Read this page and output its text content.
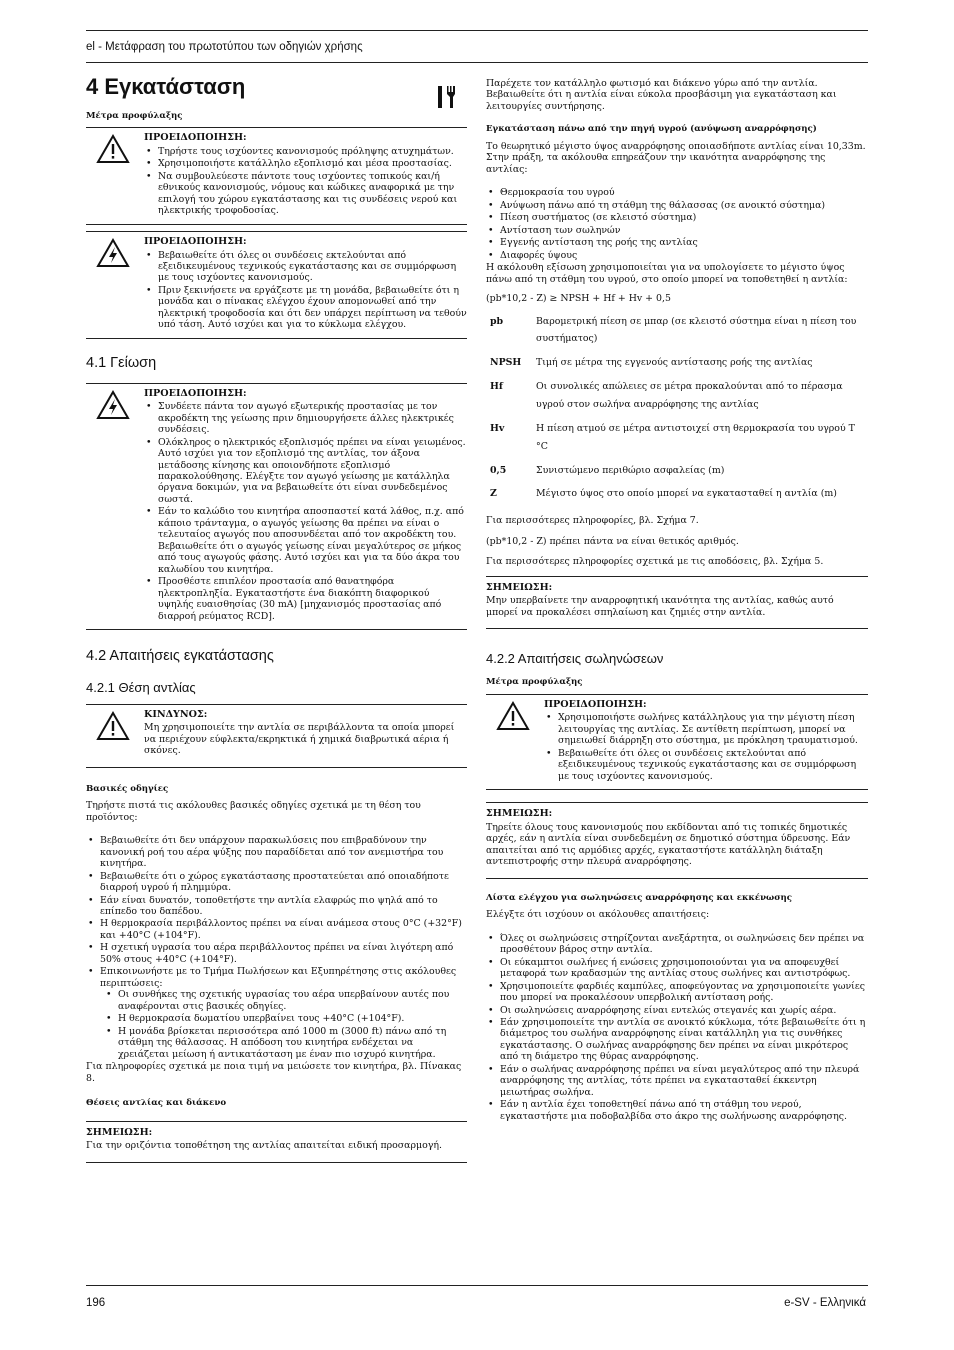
el - Μετάφραση του πρωτοτύπου των οδηγιών χρήσης
4 Εγκατάσταση
Μέτρα προφύλαξης
ΠΡΟΕΙΔΟΠΟΙΗΣΗ:
• Τηρήστε τους ισχύοντες κανονισμούς πρόληψης ατυχημάτων.
• Χρησιμοποιήστε κατάλληλο εξοπλισμό και μέσα προστασίας.
• Να συμβουλεύεστε πάντοτε τους ισχύοντες τοπικούς και/ή εθνικούς κανονισμούς, νόμους και κώδικες αναφορικά με την επιλογή του χώρου εγκατάστασης και τις συνδέσεις νερού και ηλεκτρικής τροφοδοσίας.
ΠΡΟΕΙΔΟΠΟΙΗΣΗ:
• Βεβαιωθείτε ότι όλες οι συνδέσεις εκτελούνται από εξειδικευμένους τεχνικούς εγκατάστασης και σε συμμόρφωση με τους ισχύοντες κανονισμούς.
• Πριν ξεκινήσετε να εργάζεστε με τη μονάδα, βεβαιωθείτε ότι η μονάδα και ο πίνακας ελέγχου έχουν απομονωθεί από την ηλεκτρική τροφοδοσία και ότι δεν υπάρχει περίπτωση να τεθούν υπό τάση. Αυτό ισχύει και για το κύκλωμα ελέγχου.
4.1 Γείωση
ΠΡΟΕΙΔΟΠΟΙΗΣΗ:
• Συνδέετε πάντα τον αγωγό εξωτερικής προστασίας με τον ακροδέκτη της γείωσης πριν δημιουργήσετε άλλες ηλεκτρικές συνδέσεις.
• Ολόκληρος ο ηλεκτρικός εξοπλισμός πρέπει να είναι γειωμένος. Αυτό ισχύει για τον εξοπλισμό της αντλίας, τον άξονα μετάδοσης κίνησης και οποιονδήποτε εξοπλισμό παρακολούθησης. Ελέγξτε τον αγωγό γείωσης με κατάλληλα όργανα δοκιμών, για να βεβαιωθείτε ότι είναι συνδεδεμένος σωστά.
• Εάν το καλώδιο του κινητήρα αποσπαστεί κατά λάθος, π.χ. από κάποιο τράνταγμα, ο αγωγός γείωσης θα πρέπει να είναι ο τελευταίος αγωγός που αποσυνδέεται από τον ακροδέκτη του. Βεβαιωθείτε ότι ο αγωγός γείωσης είναι μεγαλύτερος σε μήκος από τους αγωγούς φάσης. Αυτό ισχύει και για τα δύο άκρα του καλωδίου του κινητήρα.
• Προσθέστε επιπλέον προστασία από θανατηφόρα ηλεκτροπληξία. Εγκαταστήστε ένα διακόπτη διαφορικού υψηλής ευαισθησίας (30 mA) [μηχανισμός προστασίας από διαρροή ρεύματος RCD].
4.2 Απαιτήσεις εγκατάστασης
4.2.1 Θέση αντλίας
ΚΙΝΔΥΝΟΣ:

Μη χρησιμοποιείτε την αντλία σε περιβάλλοντα τα οποία μπορεί να περιέχουν εύφλεκτα/εκρηκτικά ή χημικά διαβρωτικά αέρια ή σκόνες.

Βασικές οδηγίες

Τηρήστε πιστά τις ακόλουθες βασικές οδηγίες σχετικά με τη θέση του προϊόντος:

• Βεβαιωθείτε ότι δεν υπάρχουν παρακωλύσεις που επιβραδύνουν την κανονική ροή του αέρα ψύξης που παραδίδεται από τον ανεμιστήρα του κινητήρα.
• Βεβαιωθείτε ότι ο χώρος εγκατάστασης προστατεύεται από οποιαδήποτε διαρροή υγρού ή πλημμύρα.
• Εάν είναι δυνατόν, τοποθετήστε την αντλία ελαφρώς πιο ψηλά από το επίπεδο του δαπέδου.
• Η θερμοκρασία περιβάλλοντος πρέπει να είναι ανάμεσα στους 0°C (+32°F) και +40°C (+104°F).
• Η σχετική υγρασία του αέρα περιβάλλοντος πρέπει να είναι λιγότερη από 50% στους +40°C (+104°F).
• Επικοινωνήστε με το Τμήμα Πωλήσεων και Εξυπηρέτησης στις ακόλουθες περιπτώσεις:
• Οι συνθήκες της σχετικής υγρασίας του αέρα υπερβαίνουν αυτές που αναφέρονται στις βασικές οδηγίες.
• Η θερμοκρασία δωματίου υπερβαίνει τους +40°C (+104°F).
• Η μονάδα βρίσκεται περισσότερα από 1000 m (3000 ft) πάνω από τη στάθμη της θάλασσας. Η απόδοση του κινητήρα ενδέχεται να χρειάζεται μείωση ή αντικατάσταση με έναν πιο ισχυρό κινητήρα.

Για πληροφορίες σχετικά με ποια τιμή να μειώσετε τον κινητήρα, βλ. Πίνακας 8.

Θέσεις αντλίας και διάκενο
ΣΗΜΕΙΩΣΗ:

Για την οριζόντια τοποθέτηση της αντλίας απαιτείται ειδική προσαρμογή.

Παρέχετε τον κατάλληλο φωτισμό και διάκενο γύρω από την αντλία. Βεβαιωθείτε ότι η αντλία είναι εύκολα προσβάσιμη για εγκατάσταση και λειτουργίες συντήρησης.

Εγκατάσταση πάνω από την πηγή υγρού (ανύψωση αναρρόφησης)

Το θεωρητικό μέγιστο ύψος αναρρόφησης οποιασδήποτε αντλίας είναι 10,33m. Στην πράξη, τα ακόλουθα επηρεάζουν την ικανότητα αναρρόφησης της αντλίας:

• Θερμοκρασία του υγρού
• Ανύψωση πάνω από τη στάθμη της θάλασσας (σε ανοικτό σύστημα)
• Πίεση συστήματος (σε κλειστό σύστημα)
• Αντίσταση των σωληνών
• Εγγενής αντίσταση της ροής της αντλίας
• Διαφορές ύψους

Η ακόλουθη εξίσωση χρησιμοποιείται για να υπολογίσετε το μέγιστο ύψος πάνω από τη στάθμη του υγρού, στο οποίο μπορεί να τοποθετηθεί η αντλία:

(pb*10,2 - Z) ≥ NPSH + Hf + Hv + 0,5

pb	Βαρομετρική πίεση σε μπαρ (σε κλειστό σύστημα είναι η πίεση του συστήματος)
NPSH	Τιμή σε μέτρα της εγγενούς αντίστασης ροής της αντλίας
Hf	Οι συνολικές απώλειες σε μέτρα προκαλούνται από το πέρασμα υγρού στον σωλήνα αναρρόφησης της αντλίας
Hv	Η πίεση ατμού σε μέτρα αντιστοιχεί στη θερμοκρασία του υγρού T °C
0,5	Συνιστώμενο περιθώριο ασφαλείας (m)
Z	Μέγιστο ύψος στο οποίο μπορεί να εγκατασταθεί η αντλία (m)

Για περισσότερες πληροφορίες, βλ. Σχήμα 7.

(pb*10,2 - Z) πρέπει πάντα να είναι θετικός αριθμός.

Για περισσότερες πληροφορίες σχετικά με τις αποδόσεις, βλ. Σχήμα 5.

ΣΗΜΕΙΩΣΗ:

Μην υπερβαίνετε την αναρροφητική ικανότητα της αντλίας, καθώς αυτό μπορεί να προκαλέσει σπηλαίωση και ζημιές στην αντλία.

4.2.2 Απαιτήσεις σωληνώσεων
Μέτρα προφύλαξης
ΠΡΟΕΙΔΟΠΟΙΗΣΗ:
• Χρησιμοποιήστε σωλήνες κατάλληλους για την μέγιστη πίεση λειτουργίας της αντλίας. Σε αντίθετη περίπτωση, μπορεί να σημειωθεί διάρρηξη στο σύστημα, με πρόκληση τραυματισμού.
• Βεβαιωθείτε ότι όλες οι συνδέσεις εκτελούνται από εξειδικευμένους τεχνικούς εγκατάστασης και σε συμμόρφωση με τους ισχύοντες κανονισμούς.
ΣΗΜΕΙΩΣΗ:

Τηρείτε όλους τους κανονισμούς που εκδίδονται από τις τοπικές δημοτικές αρχές, εάν η αντλία είναι συνδεδεμένη σε δημοτικό σύστημα ύδρευσης. Εάν απαιτείται από τις αρμόδιες αρχές, εγκαταστήστε κατάλληλη διάταξη αντεπιστροφής στην πλευρά αναρρόφησης.

Λίστα ελέγχου για σωληνώσεις αναρρόφησης και εκκένωσης

Ελέγξτε ότι ισχύουν οι ακόλουθες απαιτήσεις:

• Όλες οι σωληνώσεις στηρίζονται ανεξάρτητα, οι σωληνώσεις δεν πρέπει να προσθέτουν βάρος στην αντλία.
• Οι εύκαμπτοι σωλήνες ή ενώσεις χρησιμοποιούνται για να αποφευχθεί μεταφορά των κραδασμών της αντλίας στους σωλήνες και αντιστρόφως.
• Χρησιμοποιείτε φαρδιές καμπύλες, αποφεύγοντας να χρησιμοποιείτε γωνίες που μπορεί να προκαλέσουν υπερβολική αντίσταση ροής.
• Οι σωληνώσεις αναρρόφησης είναι εντελώς στεγανές και χωρίς αέρα.
• Εάν χρησιμοποιείτε την αντλία σε ανοικτό κύκλωμα, τότε βεβαιωθείτε ότι η διάμετρος του σωλήνα αναρρόφησης είναι κατάλληλη για τις συνθήκες εγκατάστασης. Ο σωλήνας αναρρόφησης δεν πρέπει να είναι μικρότερος από τη διάμετρο της θύρας αναρρόφησης.
• Εάν ο σωλήνας αναρρόφησης πρέπει να είναι μεγαλύτερος από την πλευρά αναρρόφησης της αντλίας, τότε πρέπει να εγκατασταθεί έκκεντρη μειωτήρας σωλήνα.
• Εάν η αντλία έχει τοποθετηθεί πάνω από τη στάθμη του νερού, εγκαταστήστε μια ποδοβαλβίδα στο άκρο της σωλήνωσης αναρρόφησης.
196	e-SV - Ελληνικά
